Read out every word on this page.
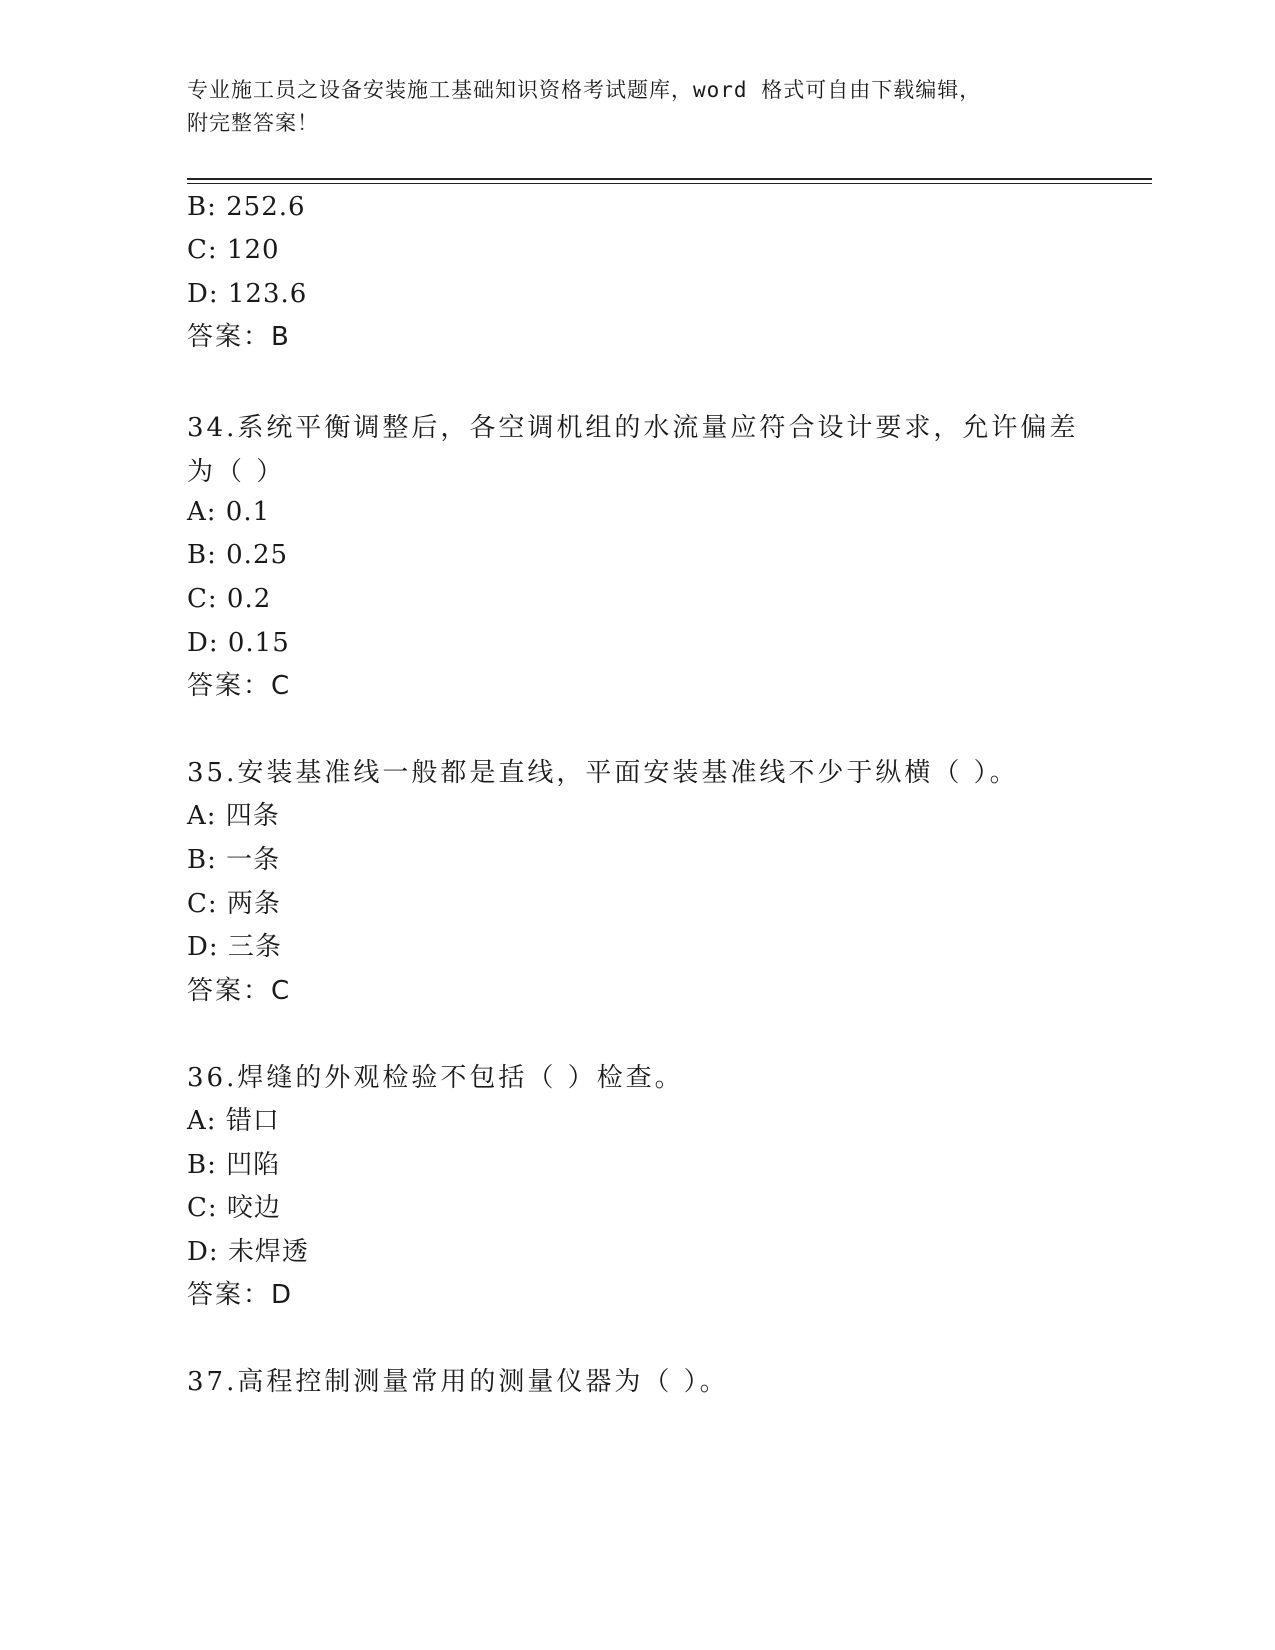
专业施工员之设备安装施工基础知识资格考试题库，word 格式可自由下载编辑，
附完整答案！
B: 252.6
C: 120
D: 123.6
答案：B
34.系统平衡调整后，各空调机组的水流量应符合设计要求，允许偏差为（ ）
A: 0.1
B: 0.25
C: 0.2
D: 0.15
答案：C
35.安装基准线一般都是直线，平面安装基准线不少于纵横（ ）。
A: 四条
B: 一条
C: 两条
D: 三条
答案：C
36.焊缝的外观检验不包括（ ）检查。
A: 错口
B: 凹陷
C: 咬边
D: 未焊透
答案：D
37.高程控制测量常用的测量仪器为（ ）。
